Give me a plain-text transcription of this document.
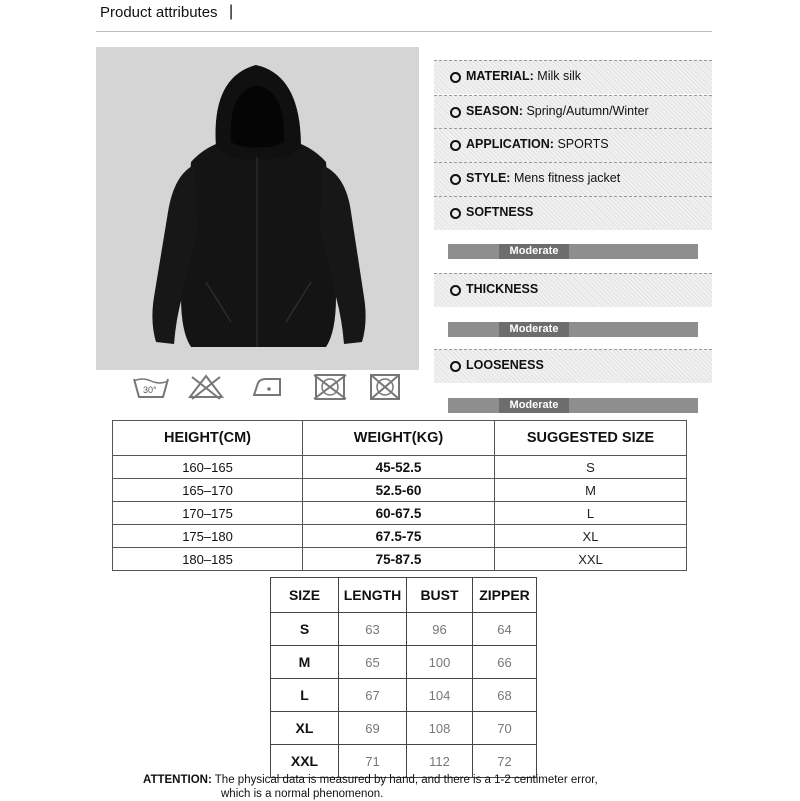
Product attributes |
30°
MATERIAL: Milk silk
SEASON: Spring/Autumn/Winter
APPLICATION: SPORTS
STYLE: Mens fitness jacket
SOFTNESS
Moderate
THICKNESS
Moderate
LOOSENESS
Moderate
HEIGHT(CM)	WEIGHT(KG)	SUGGESTED SIZE
160–165	45-52.5	S
165–170	52.5-60	M
170–175	60-67.5	L
175–180	67.5-75	XL
180–185	75-87.5	XXL
SIZE	LENGTH	BUST	ZIPPER
S	63	96	64
M	65	100	66
L	67	104	68
XL	69	108	70
XXL	71	112	72
ATTENTION: The physical data is measured by hand, and there is a 1-2 centimeter error,
which is a normal phenomenon.
